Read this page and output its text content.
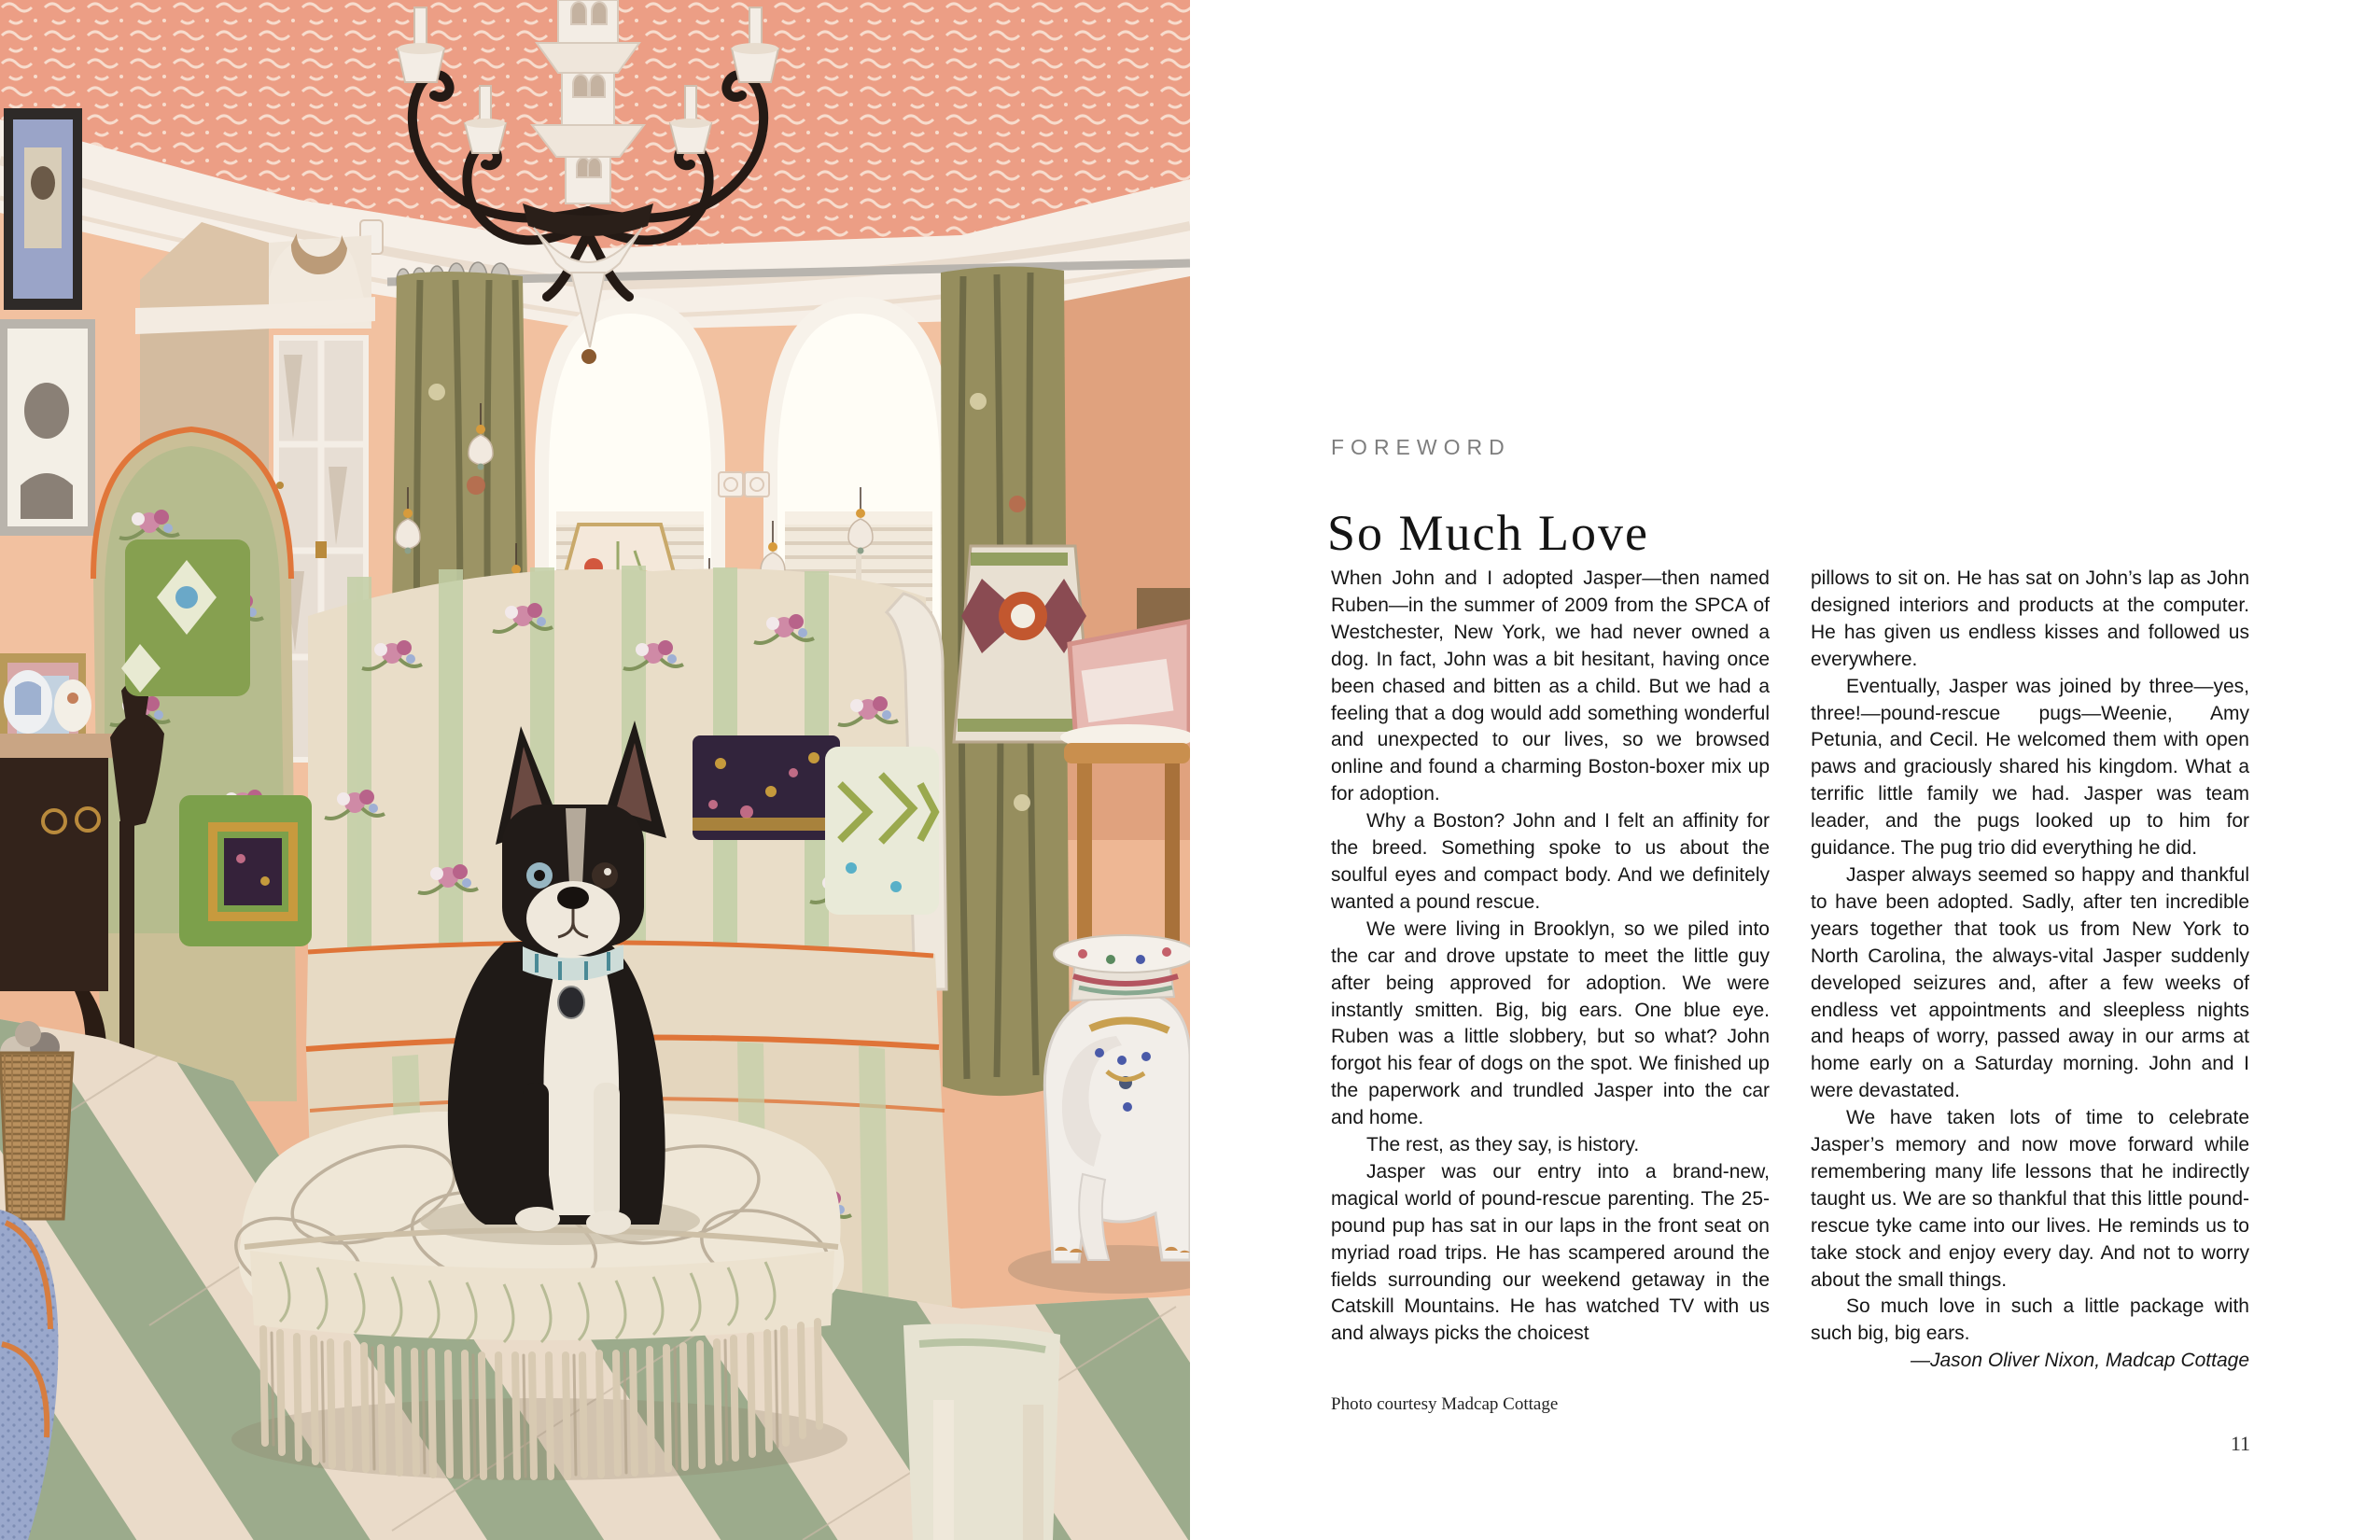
FOREWORD
So Much Love

When John and I adopted Jasper—then named Ruben—in the summer of 2009 from the SPCA of Westchester, New York, we had never owned a dog. In fact, John was a bit hesitant, having once been chased and bitten as a child. But we had a feeling that a dog would add something wonderful and unexpected to our lives, so we browsed online and found a charming Boston-boxer mix up for adoption.

Why a Boston? John and I felt an affinity for the breed. Something spoke to us about the soulful eyes and compact body. And we definitely wanted a pound rescue.

We were living in Brooklyn, so we piled into the car and drove upstate to meet the little guy after being approved for adoption. We were instantly smitten. Big, big ears. One blue eye. Ruben was a little slobbery, but so what? John forgot his fear of dogs on the spot. We finished up the paperwork and trundled Jasper into the car and home.

The rest, as they say, is history.

Jasper was our entry into a brand-new, magical world of pound-rescue parenting. The 25-pound pup has sat in our laps in the front seat on myriad road trips. He has scampered around the fields surrounding our weekend getaway in the Catskill Mountains. He has watched TV with us and always picks the choicest

pillows to sit on. He has sat on John’s lap as John designed interiors and products at the computer. He has given us endless kisses and followed us everywhere.

Eventually, Jasper was joined by three—yes, three!—pound-rescue pugs—Weenie, Amy Petunia, and Cecil. He welcomed them with open paws and graciously shared his kingdom. What a terrific little family we had. Jasper was team leader, and the pugs looked up to him for guidance. The pug trio did everything he did.

Jasper always seemed so happy and thankful to have been adopted. Sadly, after ten incredible years together that took us from New York to North Carolina, the always-vital Jasper suddenly developed seizures and, after a few weeks of endless vet appointments and sleepless nights and heaps of worry, passed away in our arms at home early on a Saturday morning. John and I were devastated.

We have taken lots of time to celebrate Jasper’s memory and now move forward while remembering many life lessons that he indirectly taught us. We are so thankful that this little pound-rescue tyke came into our lives. He reminds us to take stock and enjoy every day. And not to worry about the small things.

So much love in such a little package with such big, big ears.

—Jason Oliver Nixon, Madcap Cottage

Photo courtesy Madcap Cottage
11
